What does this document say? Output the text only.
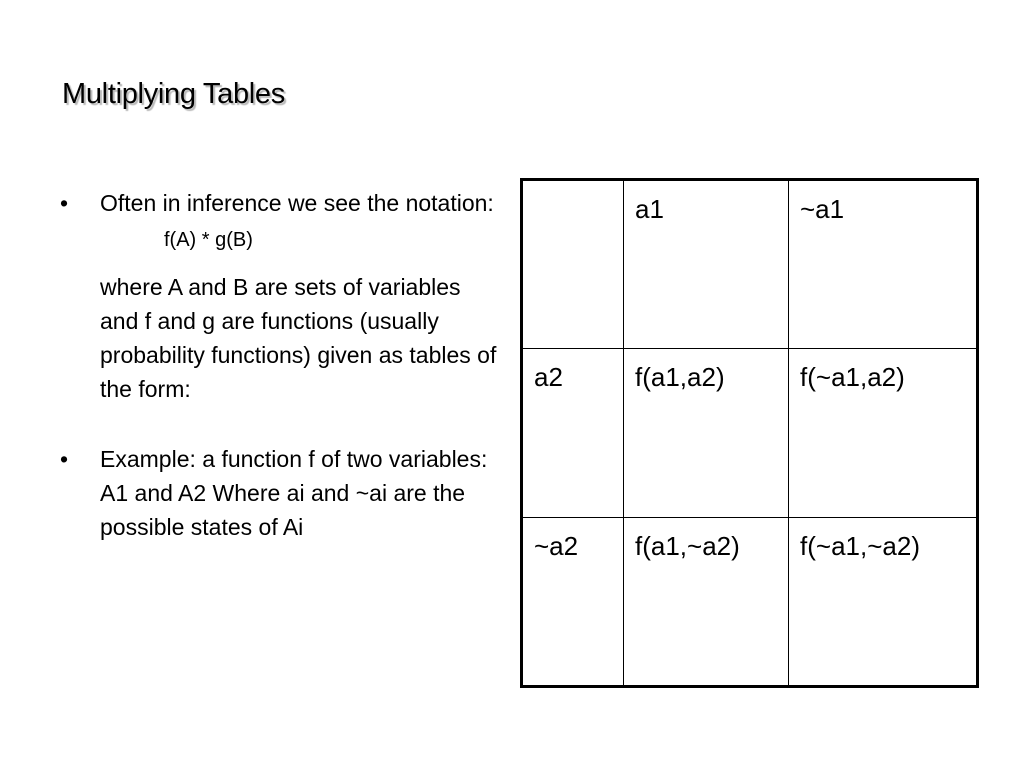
Multiplying Tables
•	Often in inference we see the notation:
f(A) * g(B)
where A and B are sets of variables and f and g are functions (usually probability functions) given as tables of the form:
•	Example: a function f of two variables: A1 and A2 Where ai and ~ai are the possible states of Ai
	a1	~a1
a2	f(a1,a2)	f(~a1,a2)
~a2	f(a1,~a2)	f(~a1,~a2)
